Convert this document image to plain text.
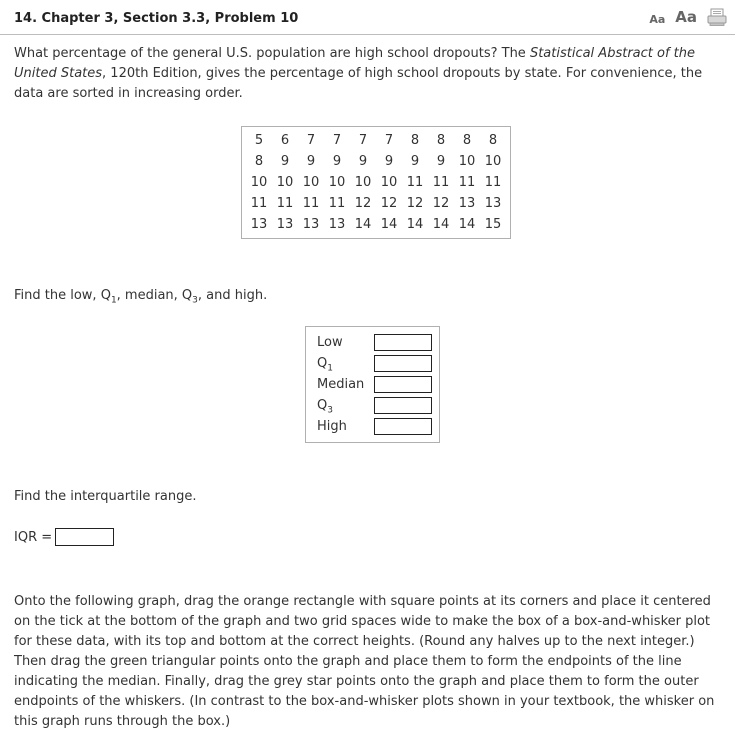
14. Chapter 3, Section 3.3, Problem 10	Aa Aa
What percentage of the general U.S. population are high school dropouts? The Statistical Abstract of the United States, 120th Edition, gives the percentage of high school dropouts by state. For convenience, the data are sorted in increasing order.
5	6	7	7	7	7	8	8	8	8
8	9	9	9	9	9	9	9	10	10
10	10	10	10	10	10	11	11	11	11
11	11	11	11	12	12	12	12	13	13
13	13	13	13	14	14	14	14	14	15
Find the low, $Q_1$, median, $Q_3$, and high.
Low
$Q_1$
Median
$Q_3$
High
Find the interquartile range.
IQR =
Onto the following graph, drag the orange rectangle with square points at its corners and place it centered on the tick at the bottom of the graph and two grid spaces wide to make the box of a box-and-whisker plot for these data, with its top and bottom at the correct heights. (Round any halves up to the next integer.) Then drag the green triangular points onto the graph and place them to form the endpoints of the line indicating the median. Finally, drag the grey star points onto the graph and place them to form the outer endpoints of the whiskers. (In contrast to the box-and-whisker plots shown in your textbook, the whisker on this graph runs through the box.)
